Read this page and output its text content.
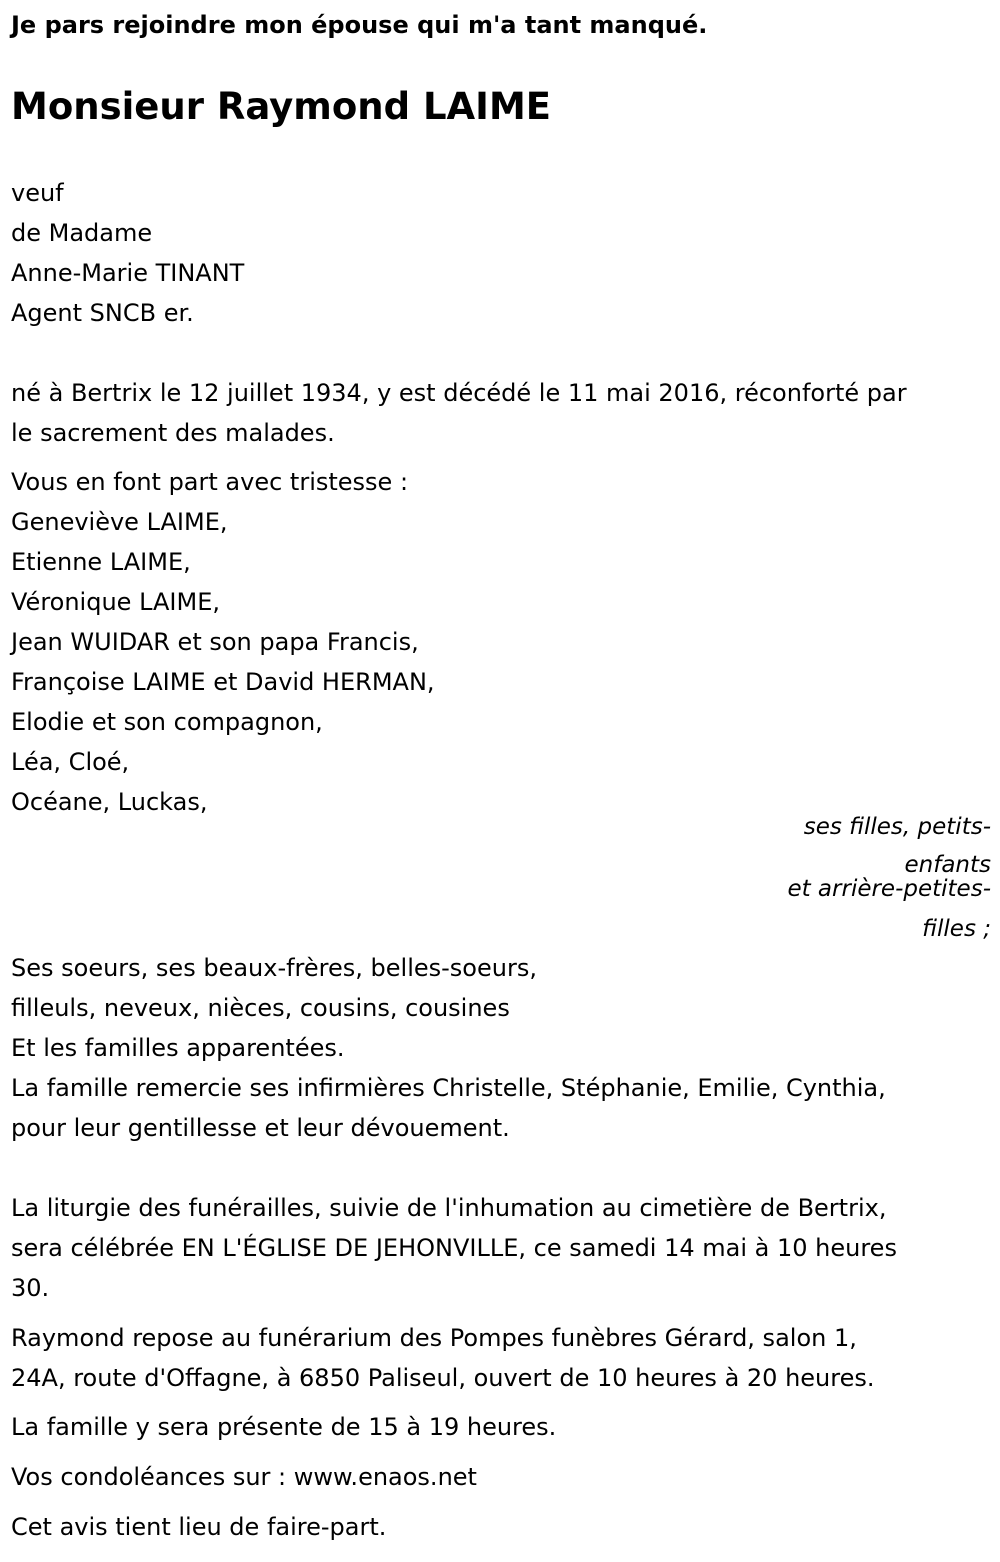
Je pars rejoindre mon épouse qui m'a tant manqué.

Monsieur Raymond LAIME

veuf

de Madame

Anne-Marie TINANT

Agent SNCB er.

né à Bertrix le 12 juillet 1934, y est décédé le 11 mai 2016, réconforté par

le sacrement des malades.

Vous en font part avec tristesse :

Geneviève LAIME,

Etienne LAIME,

Véronique LAIME,

Jean WUIDAR et son papa Francis,

Françoise LAIME et David HERMAN,

Elodie et son compagnon,

Léa, Cloé,

Océane, Luckas,

ses filles, petits-

enfants

et arrière-petites-

filles ;

Ses soeurs, ses beaux-frères, belles-soeurs,

filleuls, neveux, nièces, cousins, cousines

Et les familles apparentées.

La famille remercie ses infirmières Christelle, Stéphanie, Emilie, Cynthia,

pour leur gentillesse et leur dévouement.

La liturgie des funérailles, suivie de l'inhumation au cimetière de Bertrix,

sera célébrée EN L'ÉGLISE DE JEHONVILLE, ce samedi 14 mai à 10 heures

30.

Raymond repose au funérarium des Pompes funèbres Gérard, salon 1,

24A, route d'Offagne, à 6850 Paliseul, ouvert de 10 heures à 20 heures.

La famille y sera présente de 15 à 19 heures.

Vos condoléances sur : www.enaos.net

Cet avis tient lieu de faire-part.
